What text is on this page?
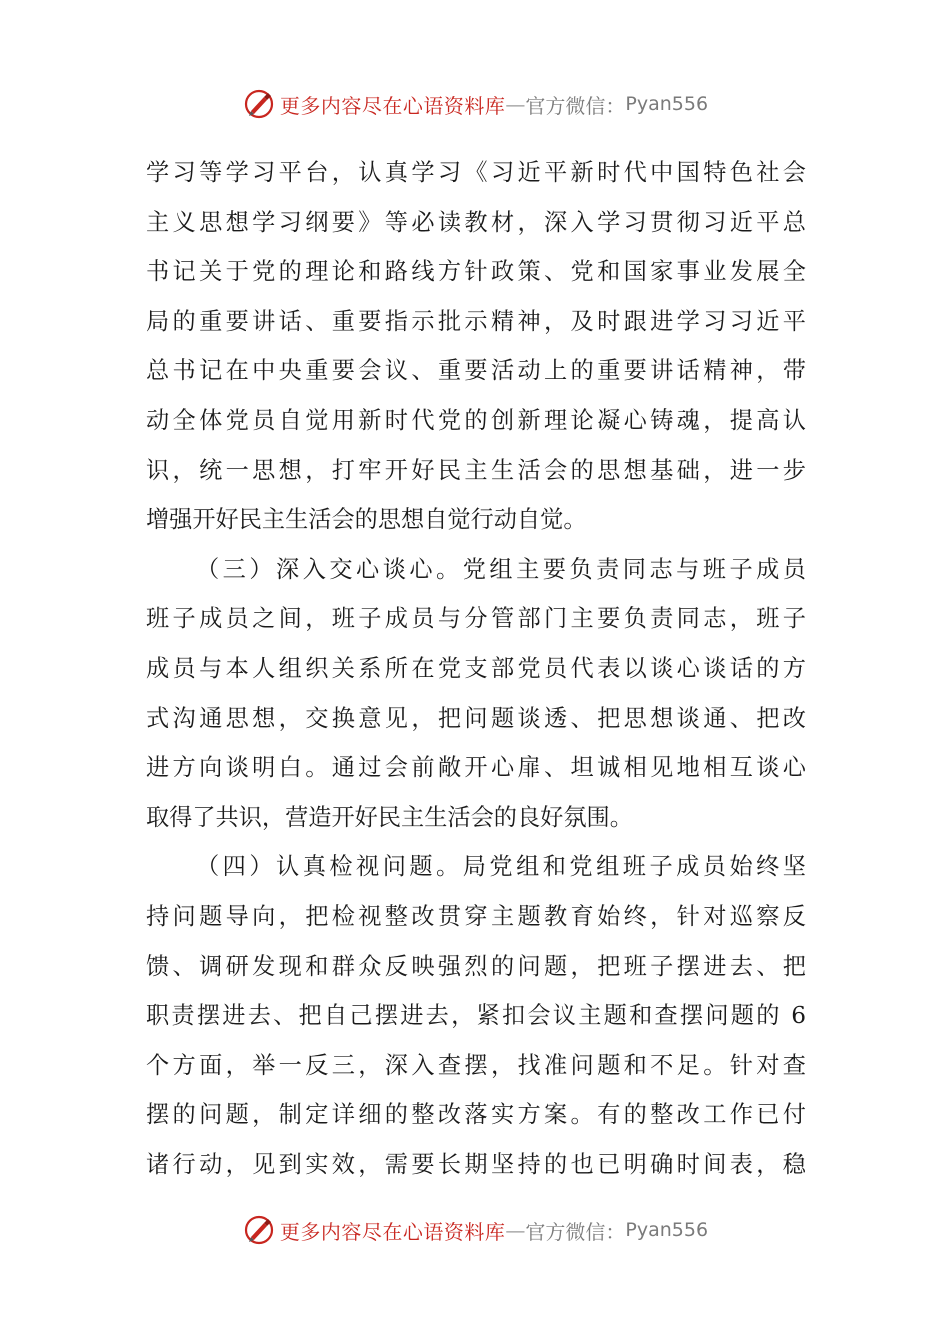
更多内容尽在心语资料库 — 官方微信： Pyan556
学习等学习平台，认真学习《习近平新时代中国特色社会
主义思想学习纲要》等必读教材，深入学习贯彻习近平总
书记关于党的理论和路线方针政策、党和国家事业发展全
局的重要讲话、重要指示批示精神，及时跟进学习习近平
总书记在中央重要会议、重要活动上的重要讲话精神，带
动全体党员自觉用新时代党的创新理论凝心铸魂，提高认
识，统一思想，打牢开好民主生活会的思想基础，进一步
增强开好民主生活会的思想自觉行动自觉。
（三）深入交心谈心。党组主要负责同志与班子成员
班子成员之间，班子成员与分管部门主要负责同志，班子
成员与本人组织关系所在党支部党员代表以谈心谈话的方
式沟通思想，交换意见，把问题谈透、把思想谈通、把改
进方向谈明白。通过会前敞开心扉、坦诚相见地相互谈心
取得了共识，营造开好民主生活会的良好氛围。
（四）认真检视问题。局党组和党组班子成员始终坚
持问题导向，把检视整改贯穿主题教育始终，针对巡察反
馈、调研发现和群众反映强烈的问题，把班子摆进去、把
职责摆进去、把自己摆进去，紧扣会议主题和查摆问题的 6
个方面，举一反三，深入查摆，找准问题和不足。针对查
摆的问题，制定详细的整改落实方案。有的整改工作已付
诸行动，见到实效，需要长期坚持的也已明确时间表，稳
更多内容尽在心语资料库 — 官方微信： Pyan556
